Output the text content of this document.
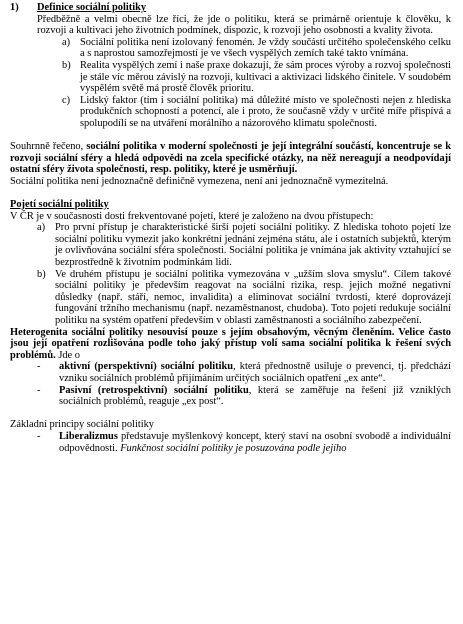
1)	Definice sociální politiky

Předběžně a velmi obecně lze říci, že jde o politiku, která se primárně orientuje k člověku, k rozvoji a kultivaci jeho životních podmínek, dispozic, k rozvoji jeho osobnosti a kvality života.

a) Sociální politika není izolovaný fenomén. Je vždy součástí určitého společenského celku a s naprostou samozřejmostí je ve všech vyspělých zemích také takto vnímána.
b) Realita vyspělých zemí i naše praxe dokazují, že sám proces výroby a rozvoj společnosti je stále víc měrou závislý na rozvoji, kultivaci a aktivizaci lidského činitele. V soudobém vyspělém světě má prostě člověk prioritu.
c) Lidský faktor (tím i sociální politika) má důležité místo ve společnosti nejen z hlediska produkčních schopností a potencí, ale i proto, že současně vždy v určité míře přispívá a spolupodílí se na utváření morálního a názorového klimatu společnosti.

Souhrnně řečeno, sociální politika v moderní společnosti je její integrální součástí, koncentruje se k rozvoji sociální sféry a hledá odpovědi na zcela specifické otázky, na něž nereagují a neodpovídají ostatní sféry života společnosti, resp. politiky, které je usměrňují.

Sociální politika není jednoznačně definičně vymezena, není ani jednoznačně vymezitelná.

Pojetí sociální politiky

V ČR je v současnosti dosti frekventované pojetí, které je založeno na dvou přístupech:

a) Pro první přístup je charakteristické širší pojetí sociální politiky. Z hlediska tohoto pojetí lze sociální politiku vymezit jako konkrétní jednání zejména státu, ale i ostatních subjektů, kterým je ovlivňována sociální sféra společnosti. Sociální politika je vnímána jak aktivity vztahující se bezprostředně k životním podmínkám lidí.
b) Ve druhém přístupu je sociální politika vymezována v „užším slova smyslu“. Cílem takové sociální politiky je především reagovat na sociální rizika, resp. jejich možné negativní důsledky (např. stáří, nemoc, invalidita) a eliminovat sociální tvrdosti, které doprovázejí fungování tržního mechanismu (např. nezaměstnanost, chudoba). Toto pojetí redukuje sociální politiku na systém opatření především v oblasti zaměstnanosti a sociálního zabezpečení.

Heterogenita sociální politiky nesouvisí pouze s jejím obsahovým, věcným členěním. Velice často jsou její opatření rozlišována podle toho jaký přístup volí sama sociální politika k řešení svých problémů. Jde o

-	aktivní (perspektivní) sociální politiku, která přednostně usiluje o prevenci, tj. předchází vzniku sociálních problémů přijímáním určitých sociálních opatření „ex ante“.
-	Pasivní (retrospektivní) sociální politiku, která se zaměřuje na řešení již vzniklých sociálních problémů, reaguje „ex post“.

Základní principy sociální politiky

-	Liberalizmus představuje myšlenkový koncept, který staví na osobní svobodě a individuální odpovědnosti. Funkčnost sociální politiky je posuzována podle jejího
